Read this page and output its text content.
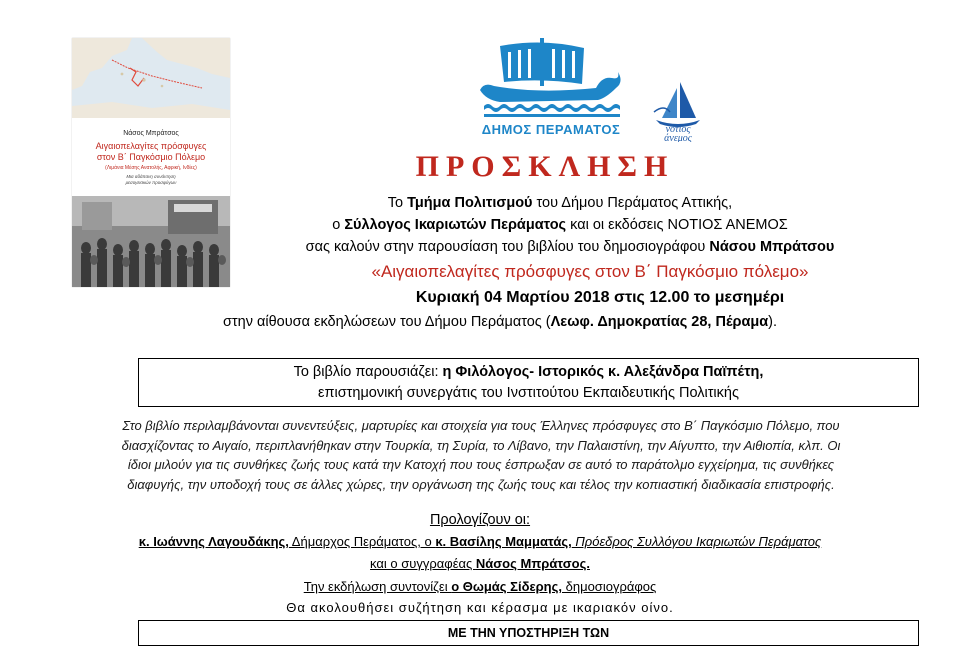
Νάσος Μπράτσος
Αιγαιοπελαγίτες πρόσφυγες
στον Β΄ Παγκόσμιο Πόλεμο
(Λιμάνια Μέσης Ανατολής, Αφρική, Ινδίες)
Μια αδάπανη συνάντηση
μεσογειακών προσφύγων
ΔΗΜΟΣ ΠΕΡΑΜΑΤΟΣ	νότιος
άνεμος
ΠΡΟΣΚΛΗΣΗ
Το Τμήμα Πολιτισμού του Δήμου Περάματος Αττικής,
ο Σύλλογος Ικαριωτών Περάματος και οι εκδόσεις ΝΟΤΙΟΣ ΑΝΕΜΟΣ
σας καλούν στην παρουσίαση του βιβλίου του δημοσιογράφου Νάσου Μπράτσου
«Αιγαιοπελαγίτες πρόσφυγες στον Β΄ Παγκόσμιο πόλεμο»
Κυριακή 04 Μαρτίου 2018 στις 12.00 το μεσημέρι
στην αίθουσα εκδηλώσεων του Δήμου Περάματος (Λεωφ. Δημοκρατίας 28, Πέραμα).
Το βιβλίο παρουσιάζει: η Φιλόλογος- Ιστορικός κ. Αλεξάνδρα Παϊπέτη,
επιστημονική συνεργάτις του Ινστιτούτου Εκπαιδευτικής Πολιτικής
Στο βιβλίο περιλαμβάνονται συνεντεύξεις, μαρτυρίες και στοιχεία για τους Έλληνες πρόσφυγες στο Β΄ Παγκόσμιο Πόλεμο, που
διασχίζοντας το Αιγαίο, περιπλανήθηκαν στην Τουρκία, τη Συρία, το Λίβανο, την Παλαιστίνη, την Αίγυπτο, την Αιθιοπία, κλπ. Οι
ίδιοι μιλούν για τις συνθήκες ζωής τους κατά την Κατοχή που τους έσπρωξαν σε αυτό το παράτολμο εγχείρημα, τις συνθήκες
διαφυγής, την υποδοχή τους σε άλλες χώρες, την οργάνωση της ζωής τους και τέλος την κοπιαστική διαδικασία επιστροφής.
Προλογίζουν οι:
κ. Ιωάννης Λαγουδάκης, Δήμαρχος Περάματος, ο κ. Βασίλης Μαμματάς, Πρόεδρος Συλλόγου Ικαριωτών Περάματος
και ο συγγραφέας Νάσος Μπράτσος.
Την εκδήλωση συντονίζει ο Θωμάς Σίδερης, δημοσιογράφος
Θα ακολουθήσει συζήτηση και κέρασμα με ικαριακόν οίνο.
ΜΕ ΤΗΝ ΥΠΟΣΤΗΡΙΞΗ ΤΩΝ
